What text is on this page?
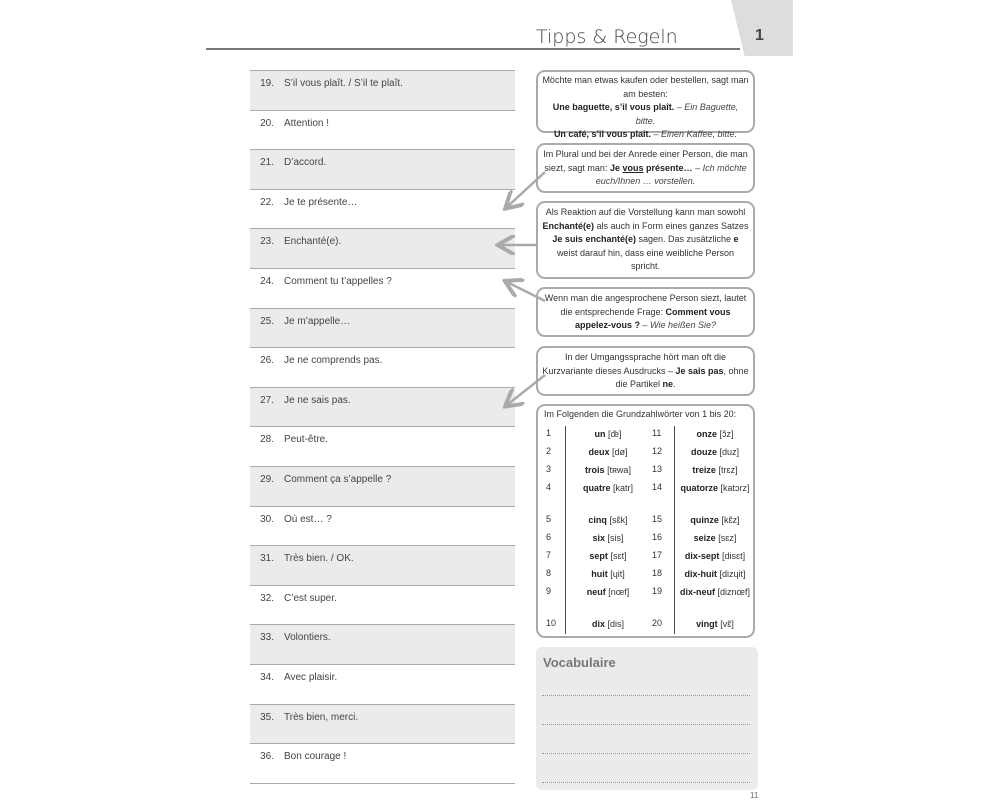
Tipps & Regeln	1
19. S’il vous plaît. / S’il te plaît.
20. Attention !
21. D’accord.
22. Je te présente…
23. Enchanté(e).
24. Comment tu t’appelles ?
25. Je m’appelle…
26. Je ne comprends pas.
27. Je ne sais pas.
28. Peut-être.
29. Comment ça s’appelle ?
30. Où est… ?
31. Très bien. / OK.
32. C’est super.
33. Volontiers.
34. Avec plaisir.
35. Très bien, merci.
36. Bon courage !
Möchte man etwas kaufen oder bestellen, sagt man am besten:
Une baguette, s’il vous plaît. – Ein Baguette, bitte.
Un café, s’il vous plaît. – Einen Kaffee, bitte.
Im Plural und bei der Anrede einer Person, die man siezt, sagt man: Je vous présente… – Ich möchte euch/Ihnen … vorstellen.
Als Reaktion auf die Vorstellung kann man sowohl Enchanté(e) als auch in Form eines ganzes Satzes Je suis enchanté(e) sagen. Das zusätzliche e weist darauf hin, dass eine weibliche Person spricht.
Wenn man die angesprochene Person siezt, lautet die entsprechende Frage: Comment vous appelez-vous ? – Wie heißen Sie?
In der Umgangssprache hört man oft die Kurzvariante dieses Ausdrucks – Je sais pas, ohne die Partikel ne.
Im Folgenden die Grundzahlwörter von 1 bis 20:
1	un [œ̃]
2	deux [dø]
3	trois [tʀwa]
4	quatre [katr]
5	cinq [sɛ̃k]
6	six [sis]
7	sept [sɛt]
8	huit [ɥit]
9	neuf [nœf]
10	dix [dis]
11	onze [ɔ̃z]
12	douze [duz]
13	treize [trɛz]
14	quatorze [katɔrz]
15	quinze [kɛ̃z]
16	seize [sɛz]
17	dix-sept [disɛt]
18	dix-huit [dizɥit]
19	dix-neuf [diznœf]
20	vingt [vɛ̃]
Vocabulaire
11
